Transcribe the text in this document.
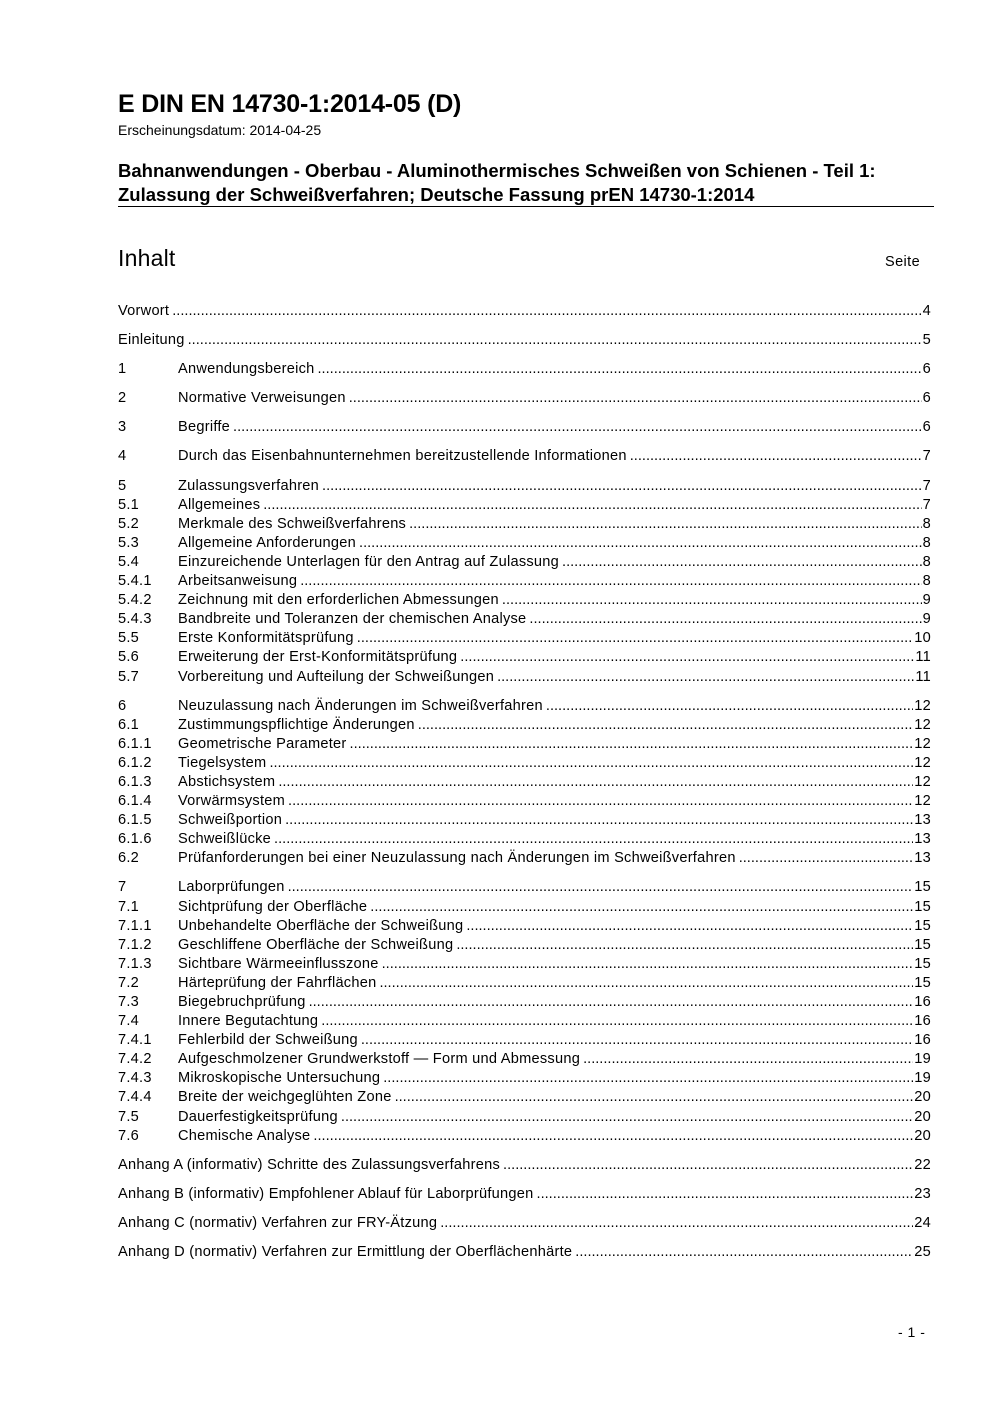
E DIN EN 14730-1:2014-05 (D)
Erscheinungsdatum: 2014-04-25
Bahnanwendungen - Oberbau - Aluminothermisches Schweißen von Schienen - Teil 1: Zulassung der Schweißverfahren; Deutsche Fassung prEN 14730-1:2014
Inhalt	Seite
Vorwort .....	4
Einleitung .....	5
1	Anwendungsbereich .....	6
2	Normative Verweisungen .....	6
3	Begriffe .....	6
4	Durch das Eisenbahnunternehmen bereitzustellende Informationen .....	7
5	Zulassungsverfahren .....	7
5.1	Allgemeines .....	7
5.2	Merkmale des Schweißverfahrens .....	8
5.3	Allgemeine Anforderungen .....	8
5.4	Einzureichende Unterlagen für den Antrag auf Zulassung .....	8
5.4.1	Arbeitsanweisung .....	8
5.4.2	Zeichnung mit den erforderlichen Abmessungen .....	9
5.4.3	Bandbreite und Toleranzen der chemischen Analyse .....	9
5.5	Erste Konformitätsprüfung .....	10
5.6	Erweiterung der Erst-Konformitätsprüfung .....	11
5.7	Vorbereitung und Aufteilung der Schweißungen .....	11
6	Neuzulassung nach Änderungen im Schweißverfahren .....	12
6.1	Zustimmungspflichtige Änderungen .....	12
6.1.1	Geometrische Parameter .....	12
6.1.2	Tiegelsystem .....	12
6.1.3	Abstichsystem .....	12
6.1.4	Vorwärmsystem .....	12
6.1.5	Schweißportion .....	13
6.1.6	Schweißlücke .....	13
6.2	Prüfanforderungen bei einer Neuzulassung nach Änderungen im Schweißverfahren .....	13
7	Laborprüfungen .....	15
7.1	Sichtprüfung der Oberfläche .....	15
7.1.1	Unbehandelte Oberfläche der Schweißung .....	15
7.1.2	Geschliffene Oberfläche der Schweißung .....	15
7.1.3	Sichtbare Wärmeeinflusszone .....	15
7.2	Härteprüfung der Fahrflächen .....	15
7.3	Biegebruchprüfung .....	16
7.4	Innere Begutachtung .....	16
7.4.1	Fehlerbild der Schweißung .....	16
7.4.2	Aufgeschmolzener Grundwerkstoff — Form und Abmessung .....	19
7.4.3	Mikroskopische Untersuchung .....	19
7.4.4	Breite der weichgeglühten Zone .....	20
7.5	Dauerfestigkeitsprüfung .....	20
7.6	Chemische Analyse .....	20
Anhang A (informativ) Schritte des Zulassungsverfahrens .....	22
Anhang B (informativ) Empfohlener Ablauf für Laborprüfungen .....	23
Anhang C (normativ) Verfahren zur FRY-Ätzung .....	24
Anhang D (normativ) Verfahren zur Ermittlung der Oberflächenhärte .....	25
- 1 -
